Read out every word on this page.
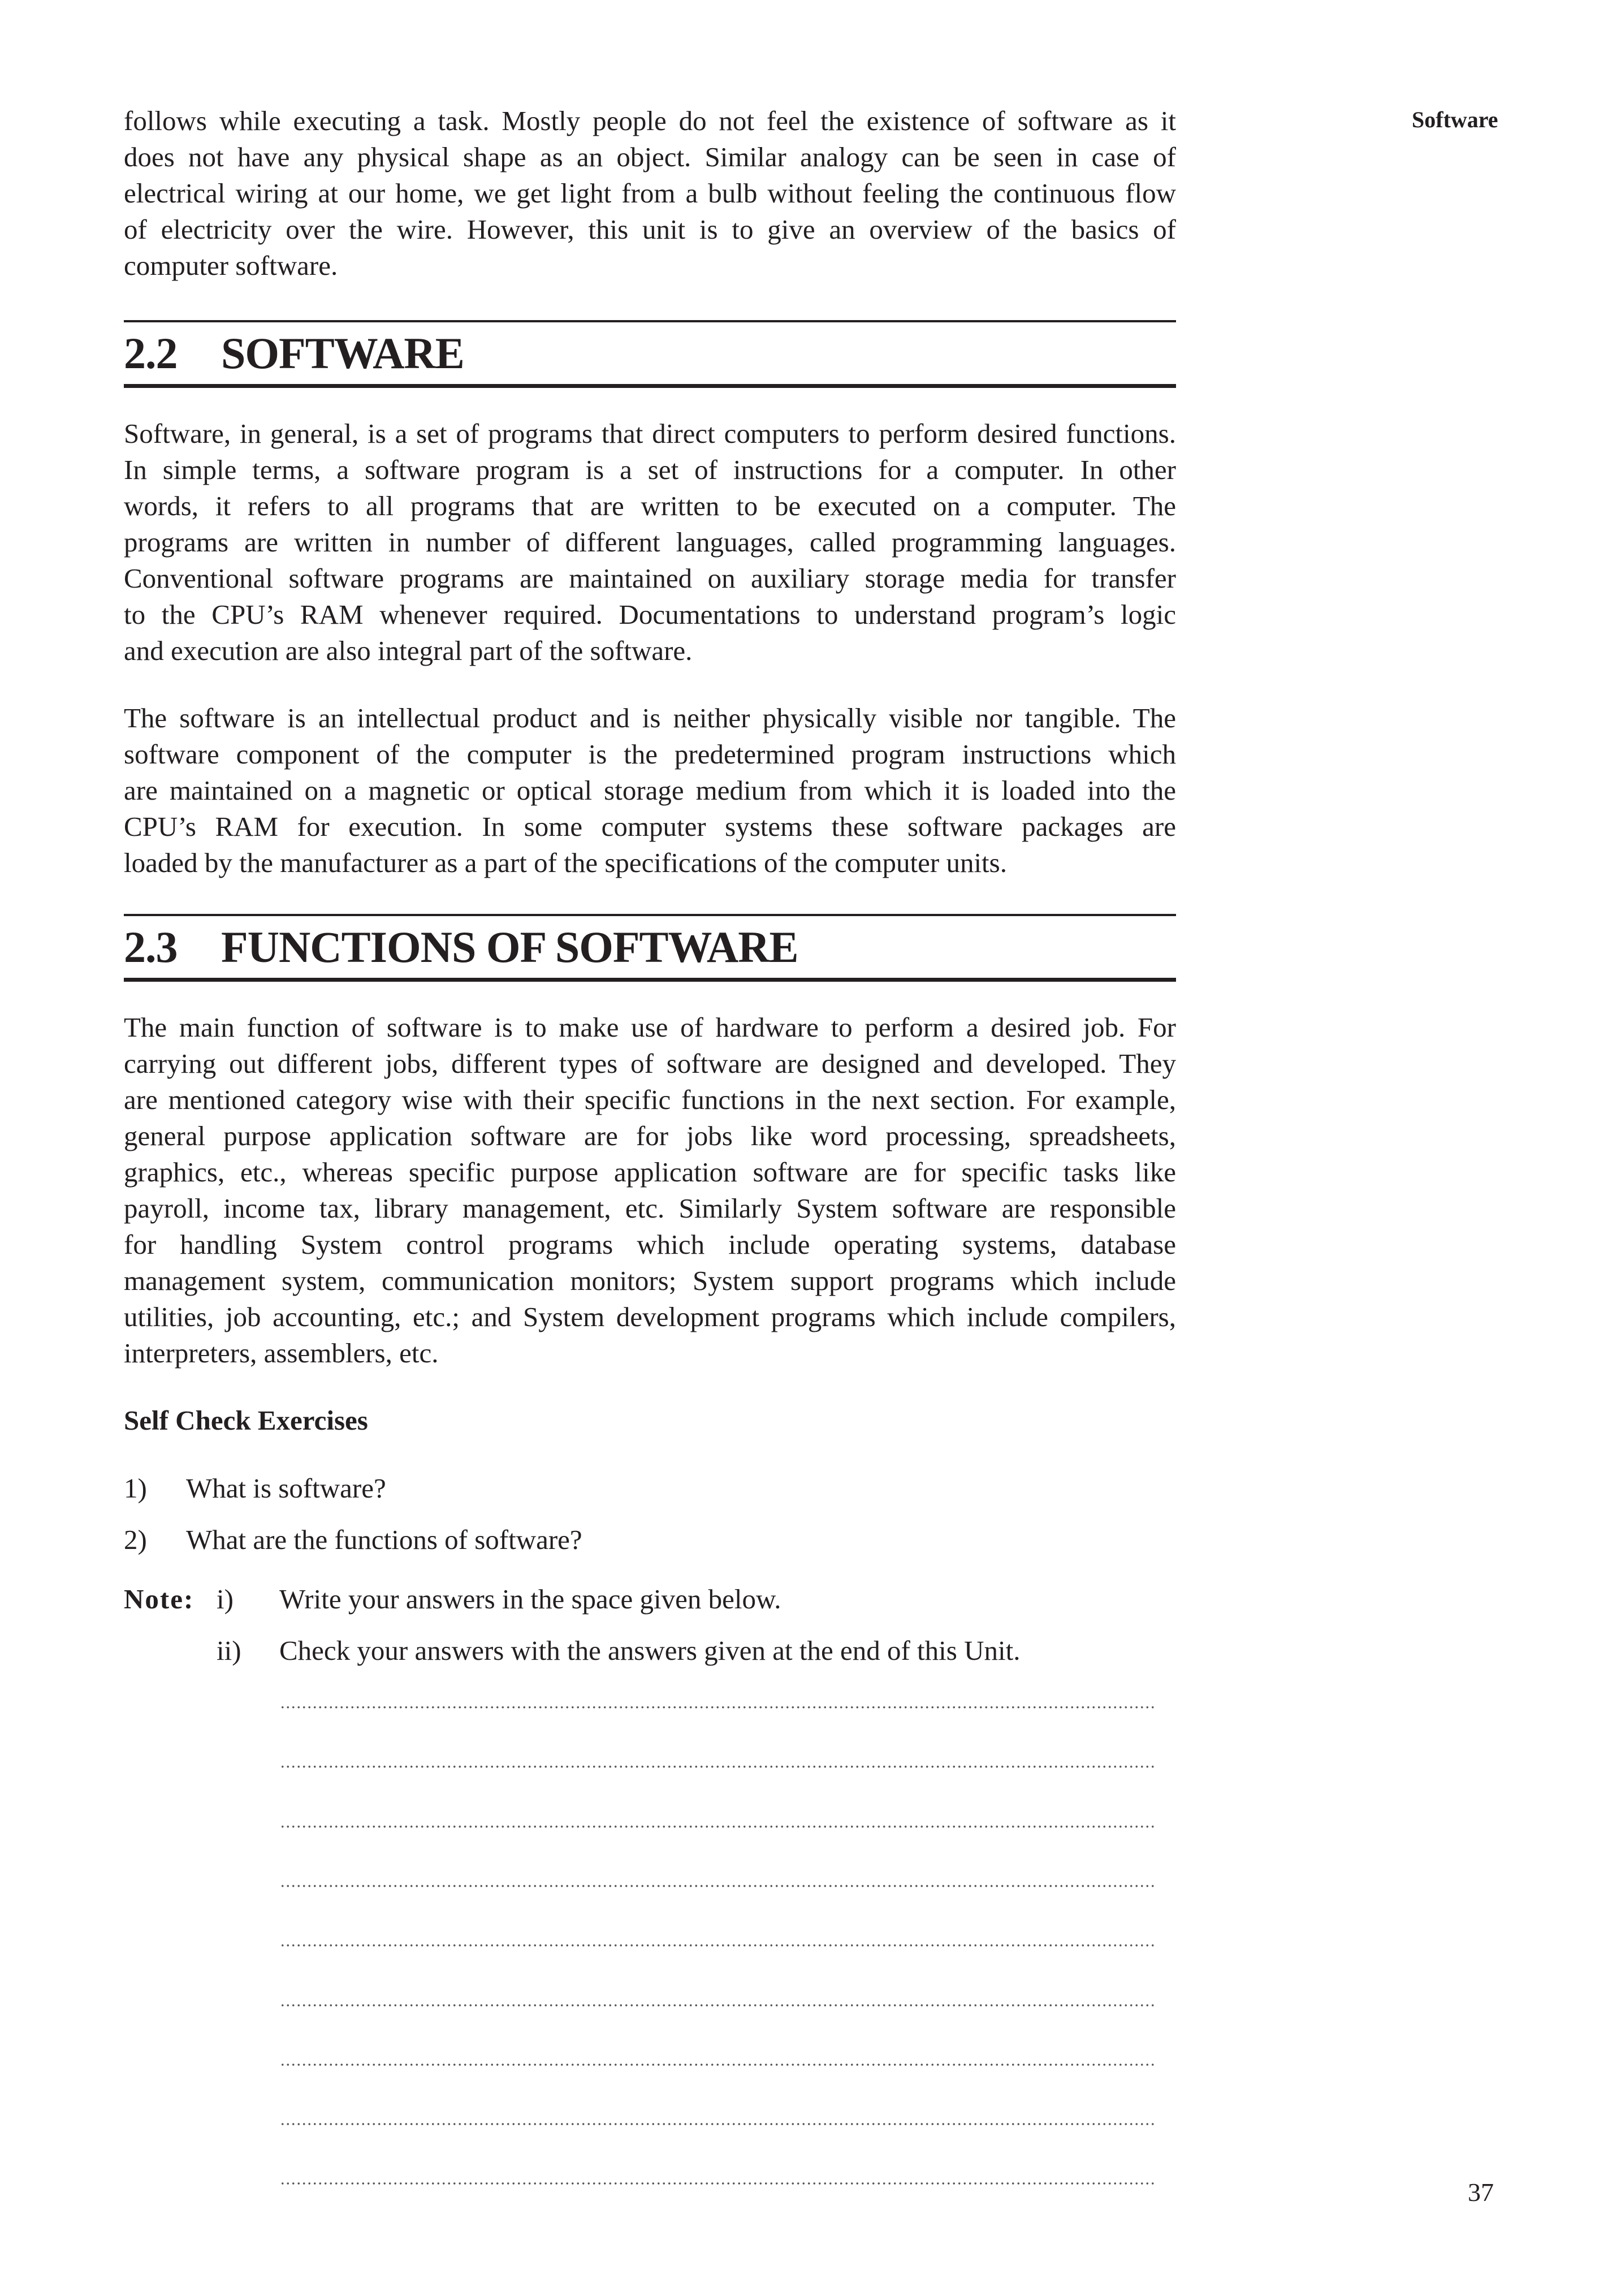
Software
follows while executing a task. Mostly people do not feel the existence of software as it
does not have any physical shape as an object. Similar analogy can be seen in case of
electrical wiring at our home, we get light from a bulb without feeling the continuous flow
of electricity over the wire. However, this unit is to give an overview of the basics of
computer software.
2.2 SOFTWARE
Software, in general, is a set of programs that direct computers to perform desired functions.
In simple terms, a software program is a set of instructions for a computer. In other
words, it refers to all programs that are written to be executed on a computer. The
programs are written in number of different languages, called programming languages.
Conventional software programs are maintained on auxiliary storage media for transfer
to the CPU’s RAM whenever required. Documentations to understand program’s logic
and execution are also integral part of the software.
The software is an intellectual product and is neither physically visible nor tangible. The
software component of the computer is the predetermined program instructions which
are maintained on a magnetic or optical storage medium from which it is loaded into the
CPU’s RAM for execution. In some computer systems these software packages are
loaded by the manufacturer as a part of the specifications of the computer units.
2.3 FUNCTIONS OF SOFTWARE
The main function of software is to make use of hardware to perform a desired job. For
carrying out different jobs, different types of software are designed and developed. They
are mentioned category wise with their specific functions in the next section. For example,
general purpose application software are for jobs like word processing, spreadsheets,
graphics, etc., whereas specific purpose application software are for specific tasks like
payroll, income tax, library management, etc. Similarly System software are responsible
for handling System control programs which include operating systems, database
management system, communication monitors; System support programs which include
utilities, job accounting, etc.; and System development programs which include compilers,
interpreters, assemblers, etc.
Self Check Exercises
1) What is software?
2) What are the functions of software?
Note: i) Write your answers in the space given below.
ii) Check your answers with the answers given at the end of this Unit.
37
